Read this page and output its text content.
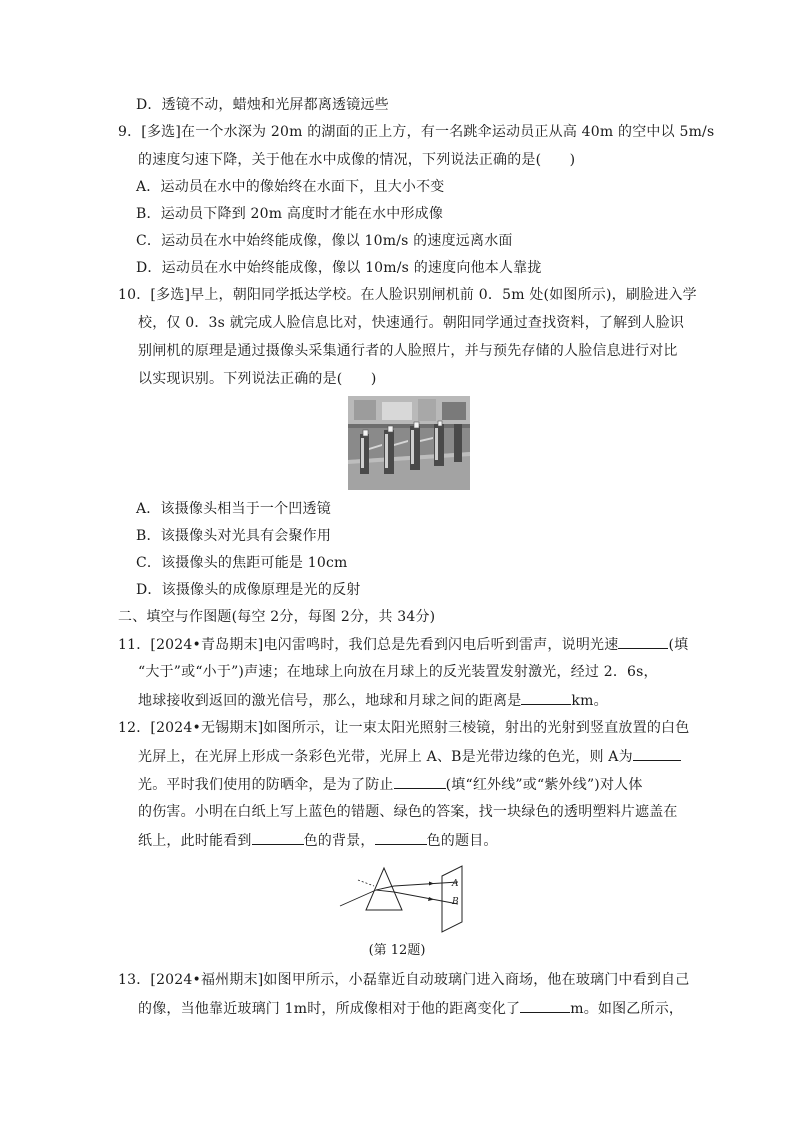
D．透镜不动，蜡烛和光屏都离透镜远些
9．[多选]在一个水深为 20m 的湖面的正上方，有一名跳伞运动员正从高 40m 的空中以 5m/s
的速度匀速下降，关于他在水中成像的情况，下列说法正确的是(　　)
A．运动员在水中的像始终在水面下，且大小不变
B．运动员下降到 20m 高度时才能在水中形成像
C．运动员在水中始终能成像，像以 10m/s 的速度远离水面
D．运动员在水中始终能成像，像以 10m/s 的速度向他本人靠拢
10．[多选]早上，朝阳同学抵达学校。在人脸识别闸机前 0．5m 处(如图所示)，刷脸进入学
校，仅 0．3s 就完成人脸信息比对，快速通行。朝阳同学通过查找资料，了解到人脸识
别闸机的原理是通过摄像头采集通行者的人脸照片，并与预先存储的人脸信息进行对比
以实现识别。下列说法正确的是(　　)
A．该摄像头相当于一个凹透镜
B．该摄像头对光具有会聚作用
C．该摄像头的焦距可能是 10cm
D．该摄像头的成像原理是光的反射
二、填空与作图题(每空 2分，每图 2分，共 34分)
11．[2024•青岛期末]电闪雷鸣时，我们总是先看到闪电后听到雷声，说明光速	(填
“大于”或“小于”)声速；在地球上向放在月球上的反光装置发射激光，经过 2．6s，
地球接收到返回的激光信号，那么，地球和月球之间的距离是	km。
12．[2024•无锡期末]如图所示，让一束太阳光照射三棱镜，射出的光射到竖直放置的白色
光屏上，在光屏上形成一条彩色光带，光屏上 A、B是光带边缘的色光，则 A为
光。平时我们使用的防晒伞，是为了防止	(填“红外线”或“紫外线”)对人体
的伤害。小明在白纸上写上蓝色的错题、绿色的答案，找一块绿色的透明塑料片遮盖在
纸上，此时能看到	色的背景，	色的题目。
A
B
(第 12题)
13．[2024•福州期末]如图甲所示，小磊靠近自动玻璃门进入商场，他在玻璃门中看到自己
的像，当他靠近玻璃门 1m时，所成像相对于他的距离变化了	m。如图乙所示，
